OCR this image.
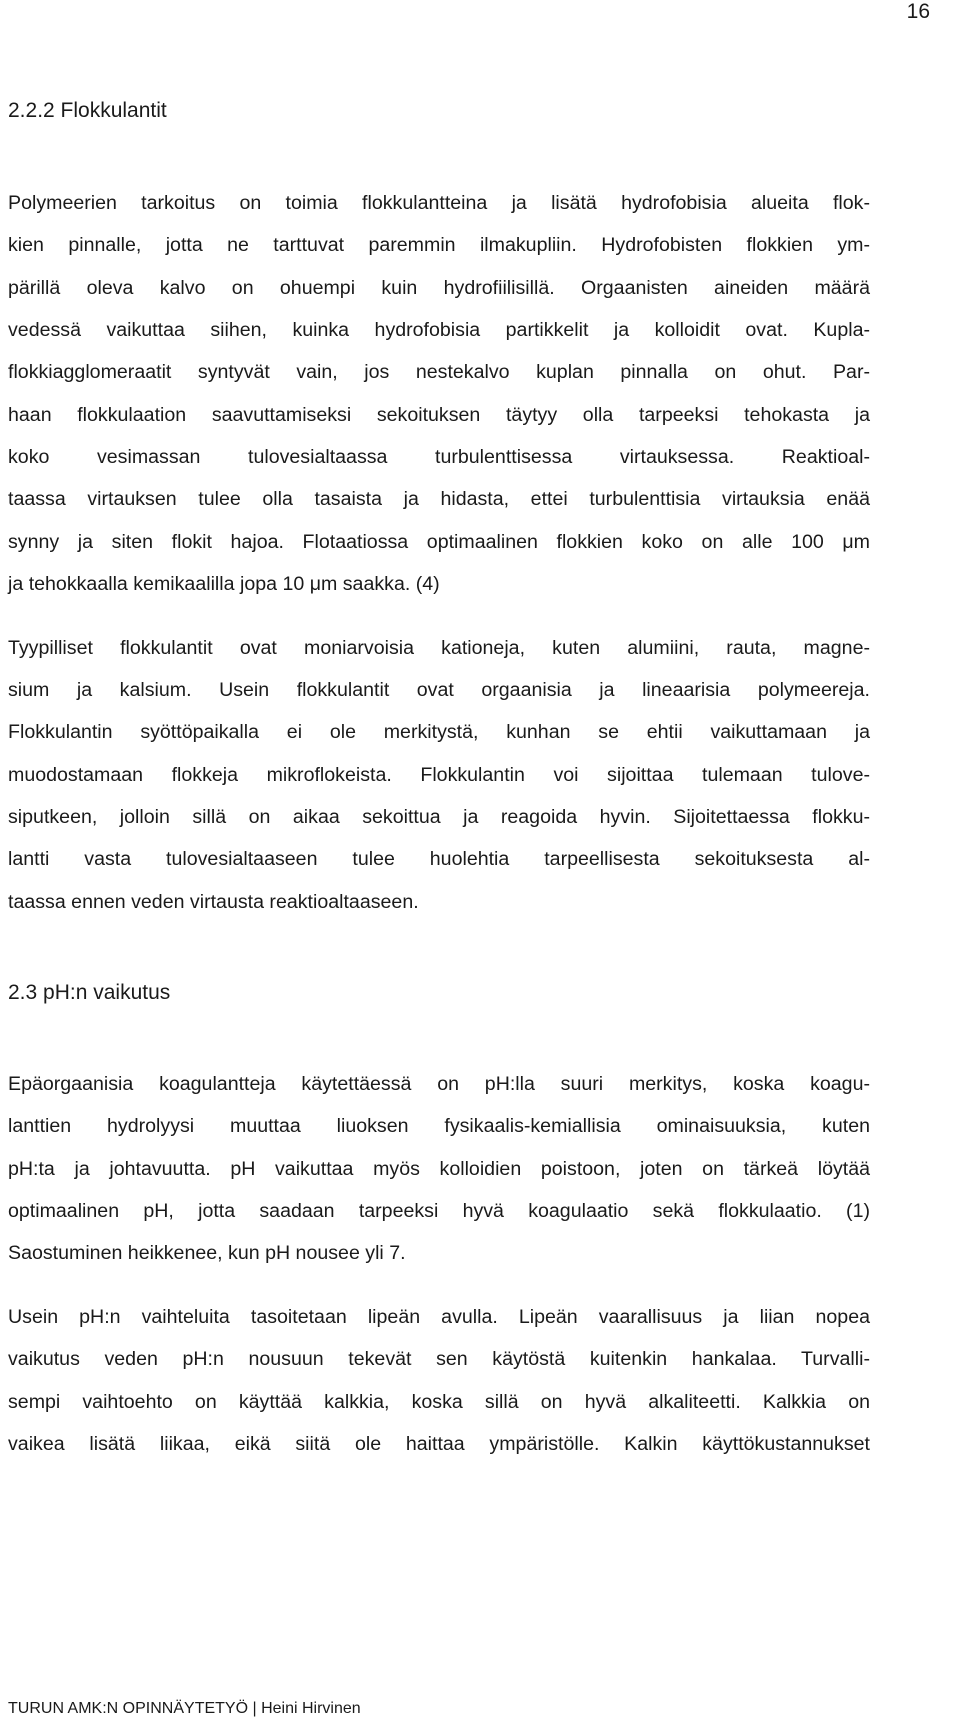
16
2.2.2 Flokkulantit
Polymeerien tarkoitus on toimia flokkulantteina ja lisätä hydrofobisia alueita flok-
kien pinnalle, jotta ne tarttuvat paremmin ilmakupliin. Hydrofobisten flokkien ym-
pärillä oleva kalvo on ohuempi kuin hydrofiilisillä. Orgaanisten aineiden määrä
vedessä vaikuttaa siihen, kuinka hydrofobisia partikkelit ja kolloidit ovat. Kupla-
flokkiagglomeraatit syntyvät vain, jos nestekalvo kuplan pinnalla on ohut. Par-
haan flokkulaation saavuttamiseksi sekoituksen täytyy olla tarpeeksi tehokasta ja
koko vesimassan tulovesialtaassa turbulenttisessa virtauksessa. Reaktioal-
taassa virtauksen tulee olla tasaista ja hidasta, ettei turbulenttisia virtauksia enää
synny ja siten flokit hajoa. Flotaatiossa optimaalinen flokkien koko on alle 100 μm
ja tehokkaalla kemikaalilla jopa 10 μm saakka. (4)
Tyypilliset flokkulantit ovat moniarvoisia kationeja, kuten alumiini, rauta, magne-
sium ja kalsium. Usein flokkulantit ovat orgaanisia ja lineaarisia polymeereja.
Flokkulantin syöttöpaikalla ei ole merkitystä, kunhan se ehtii vaikuttamaan ja
muodostamaan flokkeja mikroflokeista. Flokkulantin voi sijoittaa tulemaan tulove-
siputkeen, jolloin sillä on aikaa sekoittua ja reagoida hyvin. Sijoitettaessa flokku-
lantti vasta tulovesialtaaseen tulee huolehtia tarpeellisesta sekoituksesta al-
taassa ennen veden virtausta reaktioaltaaseen.
2.3 pH:n vaikutus
Epäorgaanisia koagulantteja käytettäessä on pH:lla suuri merkitys, koska koagu-
lanttien hydrolyysi muuttaa liuoksen fysikaalis-kemiallisia ominaisuuksia, kuten
pH:ta ja johtavuutta. pH vaikuttaa myös kolloidien poistoon, joten on tärkeä löytää
optimaalinen pH, jotta saadaan tarpeeksi hyvä koagulaatio sekä flokkulaatio. (1)
Saostuminen heikkenee, kun pH nousee yli 7.
Usein pH:n vaihteluita tasoitetaan lipeän avulla. Lipeän vaarallisuus ja liian nopea
vaikutus veden pH:n nousuun tekevät sen käytöstä kuitenkin hankalaa. Turvalli-
sempi vaihtoehto on käyttää kalkkia, koska sillä on hyvä alkaliteetti. Kalkkia on
vaikea lisätä liikaa, eikä siitä ole haittaa ympäristölle. Kalkin käyttökustannukset
TURUN AMK:N OPINNÄYTETYÖ | Heini Hirvinen
